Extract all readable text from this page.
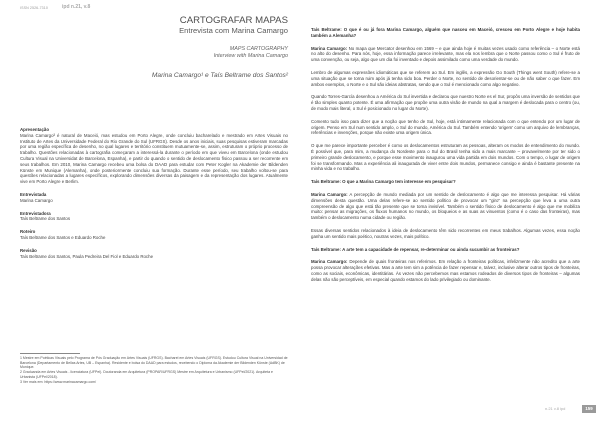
ISSN 2526-7310	ipd n.21, v.8
CARTOGRAFAR MAPAS
Entrevista com Marina Camargo
MAPS CARTOGRAPHY
Interview with Marina Camargo
Marina Camargo¹ e Taís Beltrame dos Santos²
Apresentação
Marina Camargo³ é natural de Maceió, mas estudou em Porto Alegre, onde concluiu bacharelado e mestrado em Artes Visuais no Instituto de Artes da Universidade Federal do Rio Grande do Sul (UFRGS). Desde os anos iniciais, suas pesquisas estiveram marcadas por uma região específica de desenho, no qual lugares e território constituem mutuamente-se, assim, estruturam o próprio processo de trabalho. Questões relacionadas à cartografia começaram a interessá-la durante o período em que viveu em Barcelona (onde estudou Cultura Visual na Universidat de Barcelona, Espanha), e partir do quando o sentido de deslocamento físico passou a ser recorrente em seus trabalhos. Em 2010, Marina Camargo recebeu uma bolsa do DAAD para estudar com Peter Kogler na Akademie der Bildenden Künste em Munique (Alemanha), onde posteriormente concluiu sua formação. Durante esse período, seu trabalho voltou-se para questões relacionadas a lugares específicos, explorando dimensões diversas da paisagem e da representação dos lugares. Atualmente vive em Porto Alegre e Berlim.
Entrevistada
Marina Camargo
Entrevistadora
Taís Beltrame dos Santos
Roteiro
Taís Beltrame dos Santos e Eduardo Roche
Revisão
Taís Beltrame dos Santos, Paula Pedreira Del Fiol e Eduardo Roche
1 Mestre em Poéticas Visuais pelo Programa de Pós Graduação em Artes Visuais (UFRGS). Bacharel em Artes Visuais (UFRGS). Estudou Cultura Visual na Universidad de Barcelona (Departamento de Bellas Artes, UB – Espanha). Residente e bolsa do DAAD para estudos, recebendo o Diploma da Akademie der Bildenden Künste (AdBK) de Munique.
2 Graduanda em Artes Visuais - licenciatura (UFPel). Doutoranda em Arquitetura (PROPAR/UFRGS) Mestre em Arquitetura e Urbanismo (UFPel/2021). Arquiteta e Urbanista (UFPel/2018).
3 Ver mais em: https://www.marinacamargo.com/

Taís Beltrame: O que é ou já fora Marina Camargo, alguém que nasceu em Maceió, cresceu em Porto Alegre e hoje habita também a Alemanha?

Marina Camargo: No mapa que Mercator desenhou em 1569 – e que ainda hoje é muitas vezes usado como referência – o Norte está no alto do desenho. Para nós, hoje, essa informação parece irrelevante, mas ela nos lembra que o Norte passou como o Sul é fruto de uma convenção, ou seja, algo que um dia foi inventado e depois assimilado como uma verdade do mundo.

Lembro de algumas expressões idiomáticas que se referem ao Sul. Em inglês, a expressão Go South (Things went South) refere-se a uma situação que se torna ruim após já tenha sido boa. Perder o Norte, no sentido de desorientar-se ou de não saber o que fazer. Em ambos exemplos, o Norte e o Sul são ideias abstratas, sendo que o Sul é mencionado como algo negativo.

Quando Torres-García desenhou a América do Sul invertida e declarou que nuestro Norte es el Sur, propôs uma inversão de sentidos que é tão simples quanto potente. É uma afirmação que propõe uma outra visão de mundo na qual a margem é deslocada para o centro (ou, de modo mais literal, o Sul é posicionado no lugar do Norte).

Comento tudo isso para dizer que a noção que tenho de Sul, hoje, está intimamente relacionada com o que entendo por um lugar de origem. Penso em Sul num sentido amplo, o Sul do mundo, América do Sul. Também entendo 'origem' como um arquivo de lembranças, referências e invenções, porque não existe uma origem única.

O que me parece importante perceber é como os deslocamentos estruturam as pessoas, alteram os modos de entendimento do mundo. É possível que, para mim, a mudança do Nordeste para o Sul do Brasil tenha sido a mais marcante – provavelmente por ter sido o primeiro grande deslocamento, e porque esse movimento inaugurou uma vida partida em dois mundos. Com o tempo, o lugar de origem foi se transformando. Mas a experiência ali inaugurada de viver entre dois mundos, permanece consigo e ainda é bastante presente na minha vida e no trabalho.

Taís Beltrame: O que a Marina Camargo tem interesse em pesquisar?

Marina Camargo: A percepção de mundo mediada por um sentido de deslocamento é algo que me interessa pesquisar. Há várias dimensões desta questão. Uma delas refere-se ao sentido político de provocar um "giro" na percepção que leva a uma outra compreensão de algo que está tão presente que se torna invisível. Também o sentido físico de deslocamento é algo que me mobiliza muito: pensar as migrações, os fluxos humanos no mundo, os bloqueios e as suas as vinuentos (como é o caso das fronteiras), mas também o deslocamento numa cidade ou região.

Essas diversas sentidos relacionados à ideia de deslocamento têm sido recorrentes em meus trabalhos. Algumas vezes, essa noção ganha um sentido mais poético, noutras vezes, mais político.

Taís Beltrame: A arte tem a capacidade de repensar, re-determinar ou ainda sucumbir as fronteiras?

Marina Camargo: Depende de quais fronteiras nos referimos. Em relação a fronteiras políticas, infelizmente não acredito que a arte possa provocar alterações efetivas. Mas a arte tem sim a potência de fazer repensar e, talvez, inclusive alterar outros tipos de fronteiras, como as sociais, econômicas, identitárias. Às vezes não percebemos mas estamos rodeados de diversos tipos de fronteiras – algumas delas não são perceptíveis, em especial quando estamos do lado privilegiado ou dominante.

n.21 v.8 ipd	159
